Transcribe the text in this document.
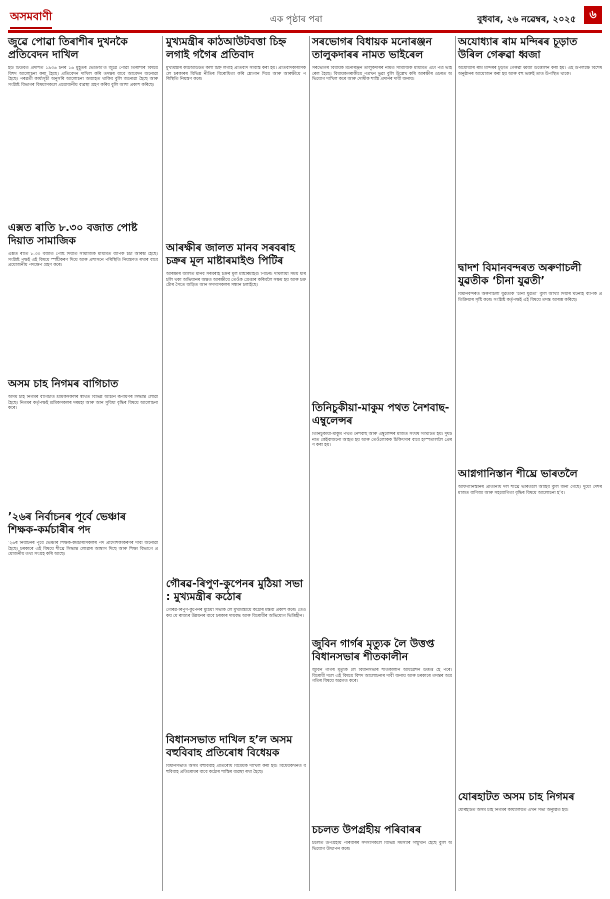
অসমবাণী	এক পৃষ্ঠাৰ পৰা	বুধবাৰ, ২৬ নৱেম্বৰ, ২০২৫	৬
জুৱে পোৱা তিৰাশীৰ দুখনকৈ প্ৰতিবেদন দাখিল

ইউ টিউবত প্ৰদৰ্শিত ১৯৩৬ চনৰ ১৬ মুহূৰ্তৰ ভেডিঅ’ত জুৱে পোৱা তিৰাশীৰ বিষয়ে বিশদ আলোচনা কৰা হৈছে। প্ৰতিবেদন দাখিল কৰি তদন্তৰ বাবে আবেদন জনোৱা হৈছে। পৰৱৰ্তী কাৰ্য্যসূচী অনুসৰি আলোচনা অব্যাহত থাকিব বুলি জনোৱা হৈছে আৰু সংশ্লিষ্ট বিভাগৰ বিষয়াসকলে প্ৰয়োজনীয় ব্যৱস্থা গ্ৰহণ কৰিব বুলি আশা প্ৰকাশ কৰিছে।

এক্সত ৰাতি ৮.৩০ বজাত পোষ্ট দিয়াত সামাজিক

এক্সত ৰাতি ৮.৩০ বজাত পোষ্ট দিয়াত সামাজিক মাধ্যমত ব্যাপক চৰ্চা আৰম্ভ হৈছে। সংশ্লিষ্ট পক্ষই এই বিষয়ে স্পষ্টীকৰণ দিয়ে আৰু প্ৰশাসনে পৰিস্থিতি নিয়ন্ত্ৰণত ৰখাৰ বাবে প্ৰয়োজনীয় পদক্ষেপ গ্ৰহণ কৰে।

অসম চাহ নিগমৰ বাগিচাত

অসম চাহ নিগমৰ বাগিচাত শ্ৰমিকসকলৰ স্বাৰ্থত বিভিন্ন আঁচনি ৰূপায়ণৰ সিদ্ধান্ত লোৱা হৈছে। নিগমৰ কৰ্তৃপক্ষই শ্ৰমিকসকলৰ দৰমহা আৰু আন সুবিধা বৃদ্ধিৰ বিষয়ে আলোচনা কৰে।

’২৬ৰ নিৰ্বাচনৰ পূৰ্বে ভেঞ্চাৰ শিক্ষক-কৰ্মচাৰীৰ পদ

’২৬ৰ নিৰ্বাচনৰ পূৰ্বে ভেঞ্চাৰ শিক্ষক-কৰ্মচাৰীসকলৰ পদ প্ৰাদেশিকীকৰণৰ দাবী জনোৱা হৈছে। চৰকাৰে এই বিষয়ে শীঘ্ৰে সিদ্ধান্ত লোৱাৰ আশ্বাস দিছে আৰু শিক্ষা বিভাগে প্ৰয়োজনীয় তথ্য সংগ্ৰহ কৰি আছে।

মুখ্যমন্ত্ৰীৰ কাঠআউটবত্তা চিহ্ন লগাই গগৈৰ প্ৰতিবাদ

মুখ্যমন্ত্ৰীৰ কাঠআউটত কলা চিহ্ন লগাই প্ৰতিবাদ সাব্যস্ত কৰা হয়। প্ৰতিবাদকাৰীসকলে চৰকাৰৰ বিভিন্ন নীতিৰ বিৰোধিতা কৰি শ্লোগান দিয়ে আৰু আৰক্ষীয়ে পৰিস্থিতি নিয়ন্ত্ৰণ কৰে।

আৰক্ষীৰ জালত মানব সৰবৰাহ চক্ৰৰ মূল মাষ্টাৰমাইণ্ড পিটিৰ

আৰক্ষীৰ জালত মানব সৰবৰাহ চক্ৰৰ মূল মাষ্টাৰমাইণ্ড পিটিৰ। দীঘলীয়া সময় ধৰি চলি থকা অভিযানৰ অন্তত আৰক্ষীয়ে তেওঁক গ্ৰেপ্তাৰ কৰিবলৈ সক্ষম হয় আৰু চক্ৰটোৰ সৈতে জড়িত আন সদস্যসকলৰ সন্ধান চলাইছে।

গৌৰৱ-ৰিপুণ-কুপেনৰ মুঠিয়া সভা : মুখ্যমন্ত্ৰীৰ কঠোৰ

গৌৰৱ-ৰিপুণ-কুপেনৰ মুঠিয়া সভাক লৈ মুখ্যমন্ত্ৰীয়ে কঠোৰ মন্তব্য প্ৰকাশ কৰে। তেওঁ কয় যে ৰাজ্যৰ উন্নয়নৰ বাবে চৰকাৰ দায়বদ্ধ আৰু বিৰোধীৰ অভিযোগ ভিত্তিহীন।

বিধানসভাত দাখিল হ’ল অসম বহুবিবাহ প্ৰতিৰোধ বিধেয়ক

বিধানসভাত অসম বহুবিবাহ প্ৰতিৰোধ বিধেয়ক দাখিল কৰা হয়। বিধেয়কখনত বহুবিবাহ প্ৰতিৰোধৰ বাবে কঠোৰ শাস্তিৰ ব্যৱস্থা ৰখা হৈছে।

সৰভোগৰ বিধায়ক মনোৰঞ্জন তালুকদাৰৰ নামত ভাইৰেল

সৰভোগৰ বিধায়ক মনোৰঞ্জন তালুকদাৰৰ নামত সামাজিক মাধ্যমত এটা পত্ৰ ভাইৰেল হৈছে। বিধায়কগৰাকীয়ে পত্ৰখন ভুৱা বুলি উল্লেখ কৰি আৰক্ষীৰ ওচৰত অভিযোগ দাখিল কৰে আৰু দোষীক শাস্তি প্ৰদানৰ দাবী জনায়।

তিনিচুকীয়া-মাকুম পথত নৈশবাছ-এম্বুলেন্সৰ

তিনিচুকীয়া-মাকুম পথত নৈশবাছ আৰু এম্বুলেন্সৰ মাজত সংঘৰ্ষ সংঘটিত হয়। দুৰ্ঘটনাত কেইবাজনো আহত হয় আৰু তেওঁলোকক চিকিৎসাৰ বাবে হাস্পতাললৈ প্ৰেৰণ কৰা হয়।

জুবিন গাৰ্গৰ মৃত্যুক লৈ উত্তপ্ত বিধানসভাৰ শীতকালীন

জুবিন গাৰ্গৰ মৃত্যুক লৈ বিধানসভাৰ শীতকালীন অধিৱেশন উত্তপ্ত হৈ পৰে। বিৰোধী দলে এই বিষয়ে বিশদ আলোচনাৰ দাবী জনায় আৰু চৰকাৰে তদন্তৰ অগ্ৰগতিৰ বিষয়ে অৱগত কৰে।

চচলত উপগ্ৰহীয় পৰিবাৰৰ

চচলত উপগ্ৰহীয় পৰিবাৰৰ সদস্যসকলে বিভিন্ন সমস্যাৰ সন্মুখীন হৈছে বুলি অভিযোগ উত্থাপন কৰে।

অযোধ্যাৰ ৰাম মন্দিৰৰ চূড়াত উৰিল গেৰুৱা ধ্বজা

অযোধ্যাৰ ৰাম মন্দিৰৰ চূড়াত গেৰুৱা ধ্বজা উত্তোলন কৰা হয়। এই উপলক্ষে বিশেষ অনুষ্ঠানৰ আয়োজন কৰা হয় আৰু বহু ভক্তই তাত উপস্থিত থাকে।

দ্বাদশ বিমানবন্দৰত অৰুণাচলী যুৱতীক ‘চীনা যুৱতী’

বিমানবন্দৰত অৰুণাচলী যুৱতীক ‘চীনা যুৱতী’ বুলি আখ্যা দিয়াৰ ঘটনাই ব্যাপক প্ৰতিক্ৰিয়াৰ সৃষ্টি কৰে। সংশ্লিষ্ট কৰ্তৃপক্ষই এই বিষয়ে তদন্ত আৰম্ভ কৰিছে।

আগ্নগানিস্তান শীঘ্ৰে ভাৰতলৈ

আফগানিস্তানৰ প্ৰতিনিধি দল শীঘ্ৰে ভাৰতলৈ আহিব বুলি জনা গৈছে। দুয়ো দেশৰ মাজত বাণিজ্য আৰু সহযোগিতা বৃদ্ধিৰ বিষয়ে আলোচনা হ’ব।

যোৰহাটত অসম চাহ নিগমৰ

যোৰহাটত অসম চাহ নিগমৰ কাৰ্য্যালয়ত এখন সভা অনুষ্ঠিত হয়।
